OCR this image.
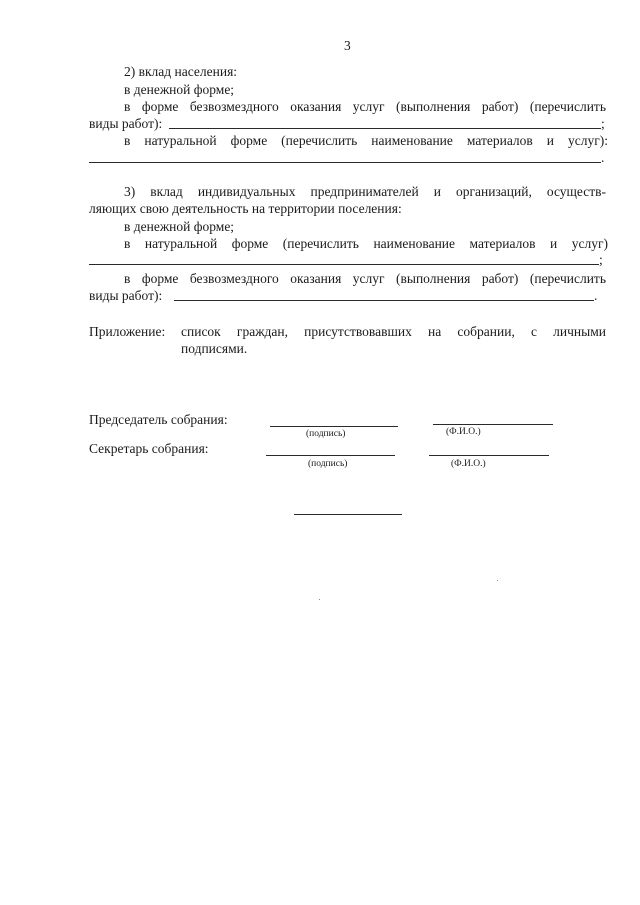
3
2) вклад населения:
в денежной форме;
в форме безвозмездного оказания услуг (выполнения работ) (перечислить
виды работ):	;
в натуральной форме (перечислить наименование материалов и услуг):
.
3) вклад индивидуальных предпринимателей и организаций, осуществ-
ляющих свою деятельность на территории поселения:
в денежной форме;
в натуральной форме (перечислить наименование материалов и услуг)
;
в форме безвозмездного оказания услуг (выполнения работ) (перечислить
виды работ):	.
Приложение: список граждан, присутствовавших на собрании, с личными
подписями.
Председатель собрания:
(подпись)	(Ф.И.О.)
Секретарь собрания:
(подпись)	(Ф.И.О.)
